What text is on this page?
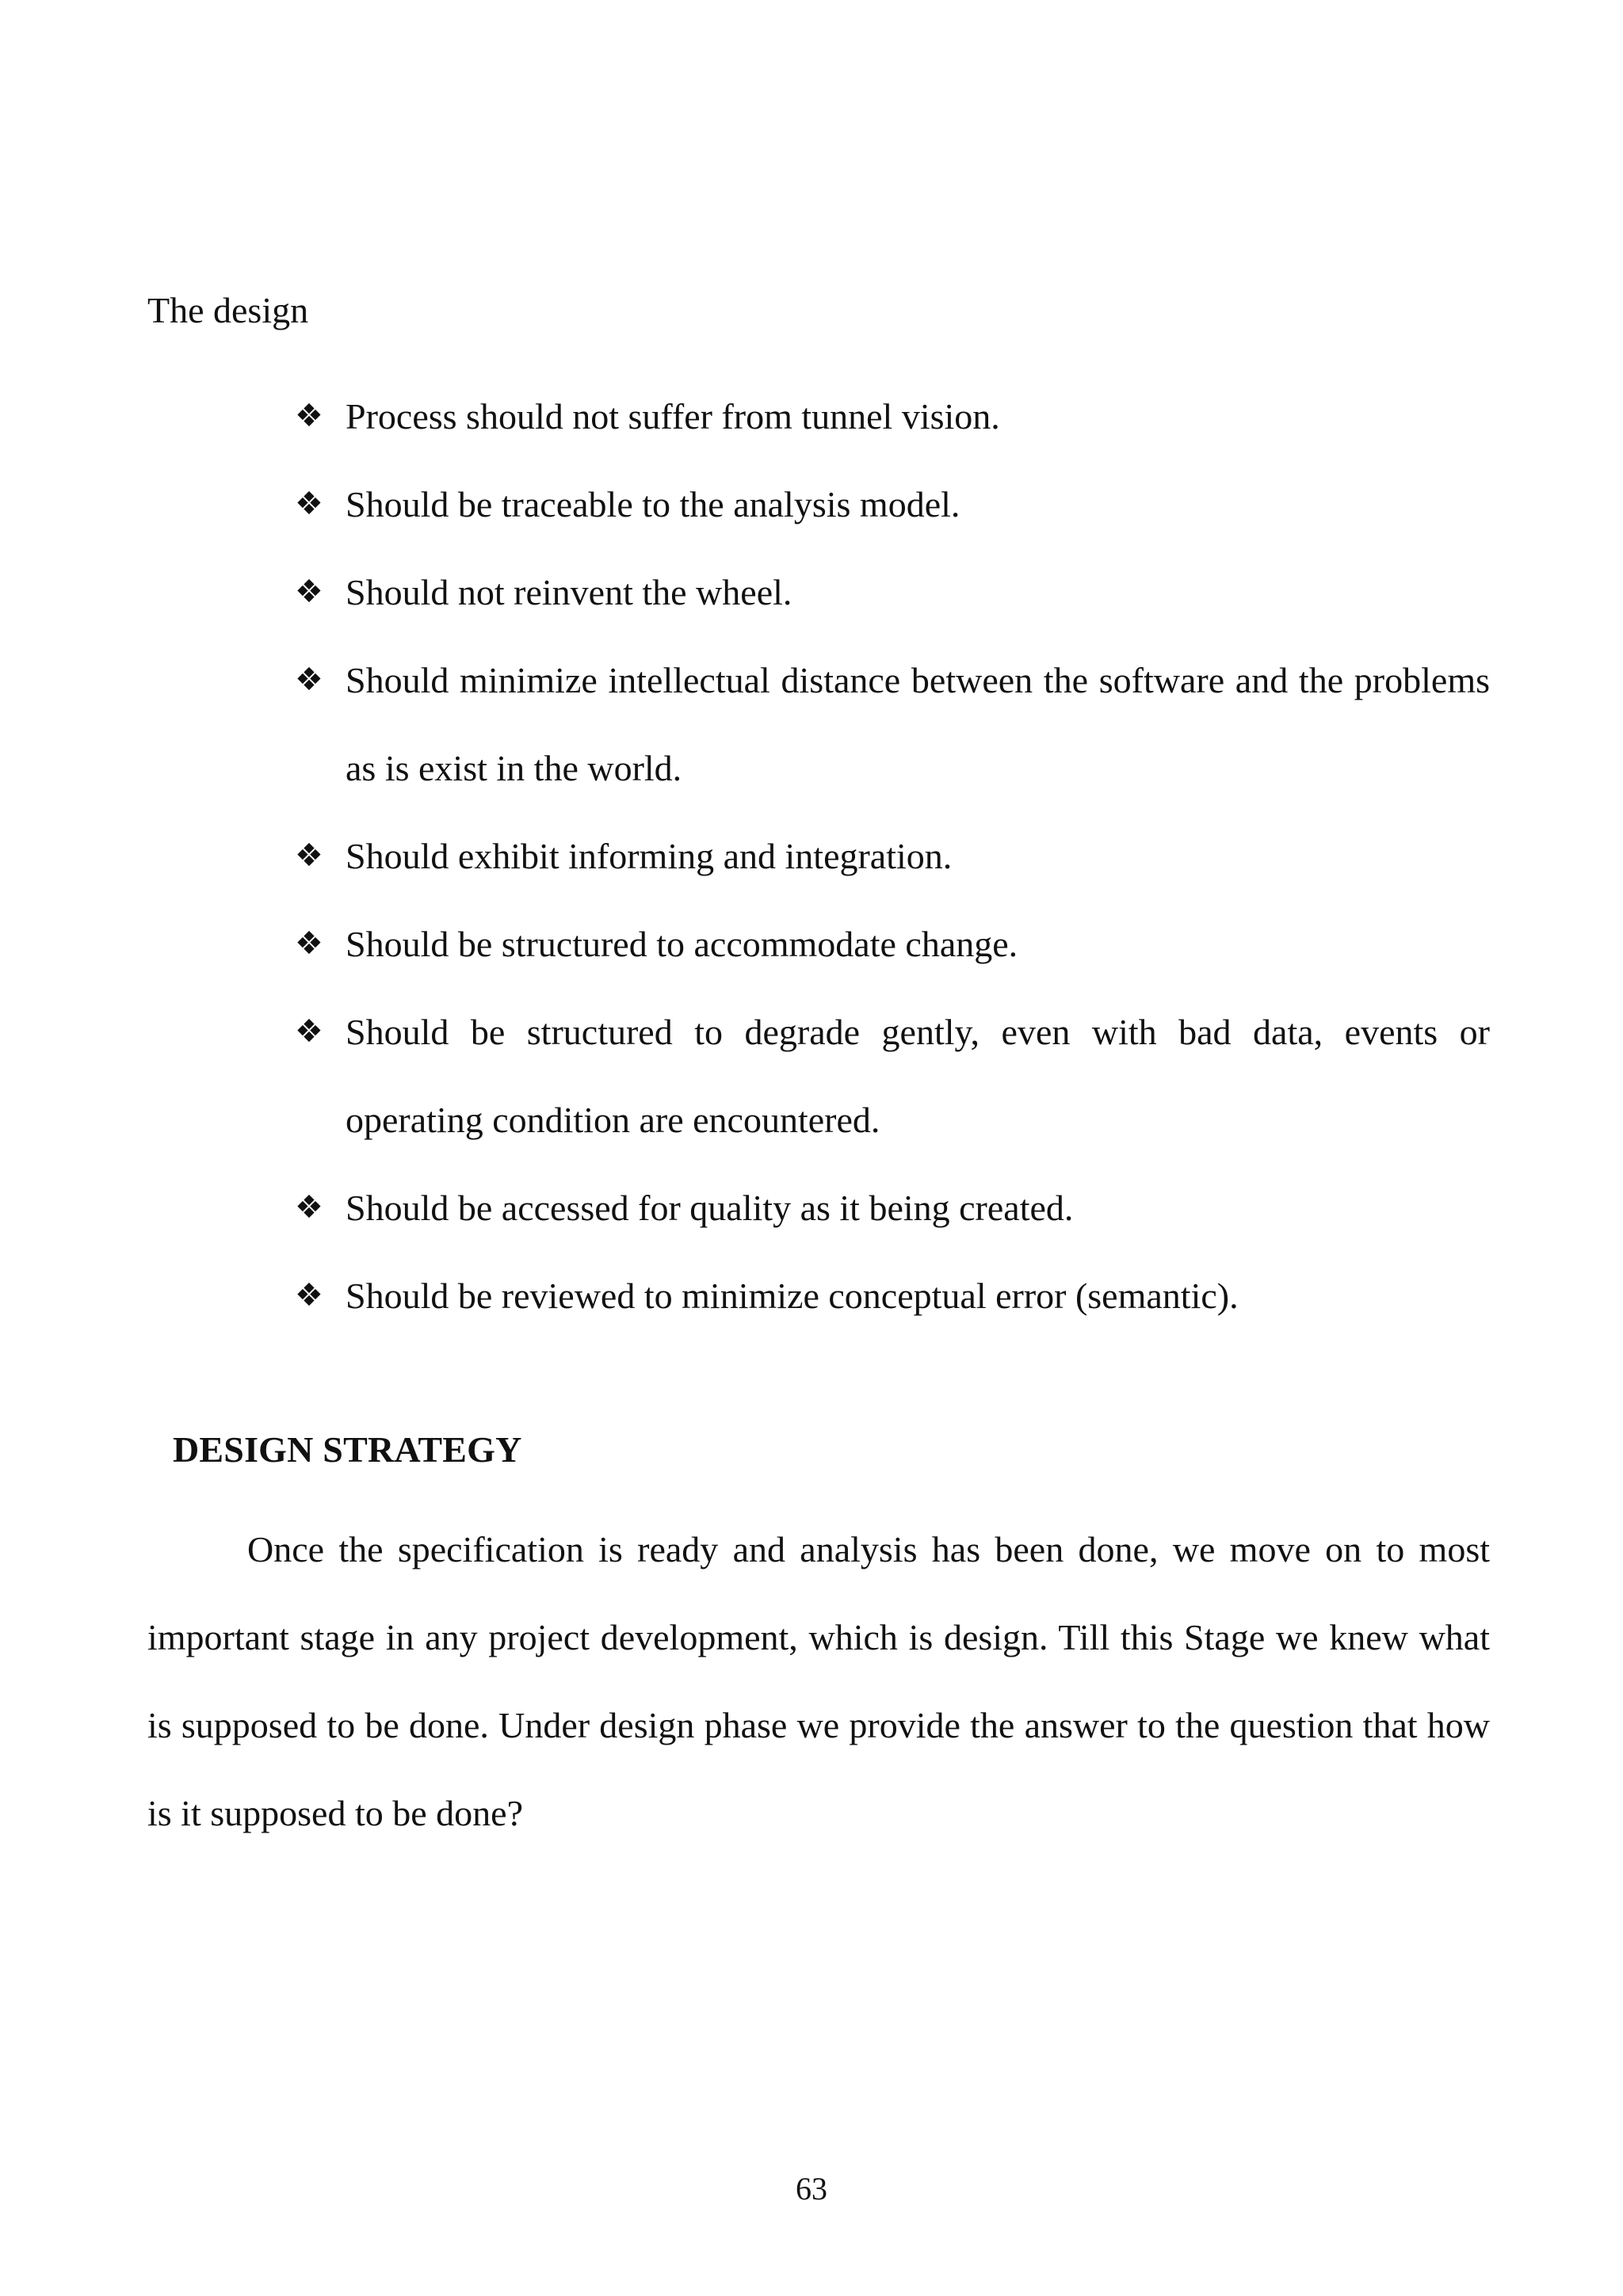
The design
❖ Process should not suffer from tunnel vision.
❖ Should be traceable to the analysis model.
❖ Should not reinvent the wheel.
❖ Should minimize intellectual distance between the software and the problems as is exist in the world.
❖ Should exhibit informing and integration.
❖ Should be structured to accommodate change.
❖ Should be structured to degrade gently, even with bad data, events or operating condition are encountered.
❖ Should be accessed for quality as it being created.
❖ Should be reviewed to minimize conceptual error (semantic).
DESIGN STRATEGY

Once the specification is ready and analysis has been done, we move on to most important stage in any project development, which is design. Till this Stage we knew what is supposed to be done. Under design phase we provide the answer to the question that how is it supposed to be done?

63
